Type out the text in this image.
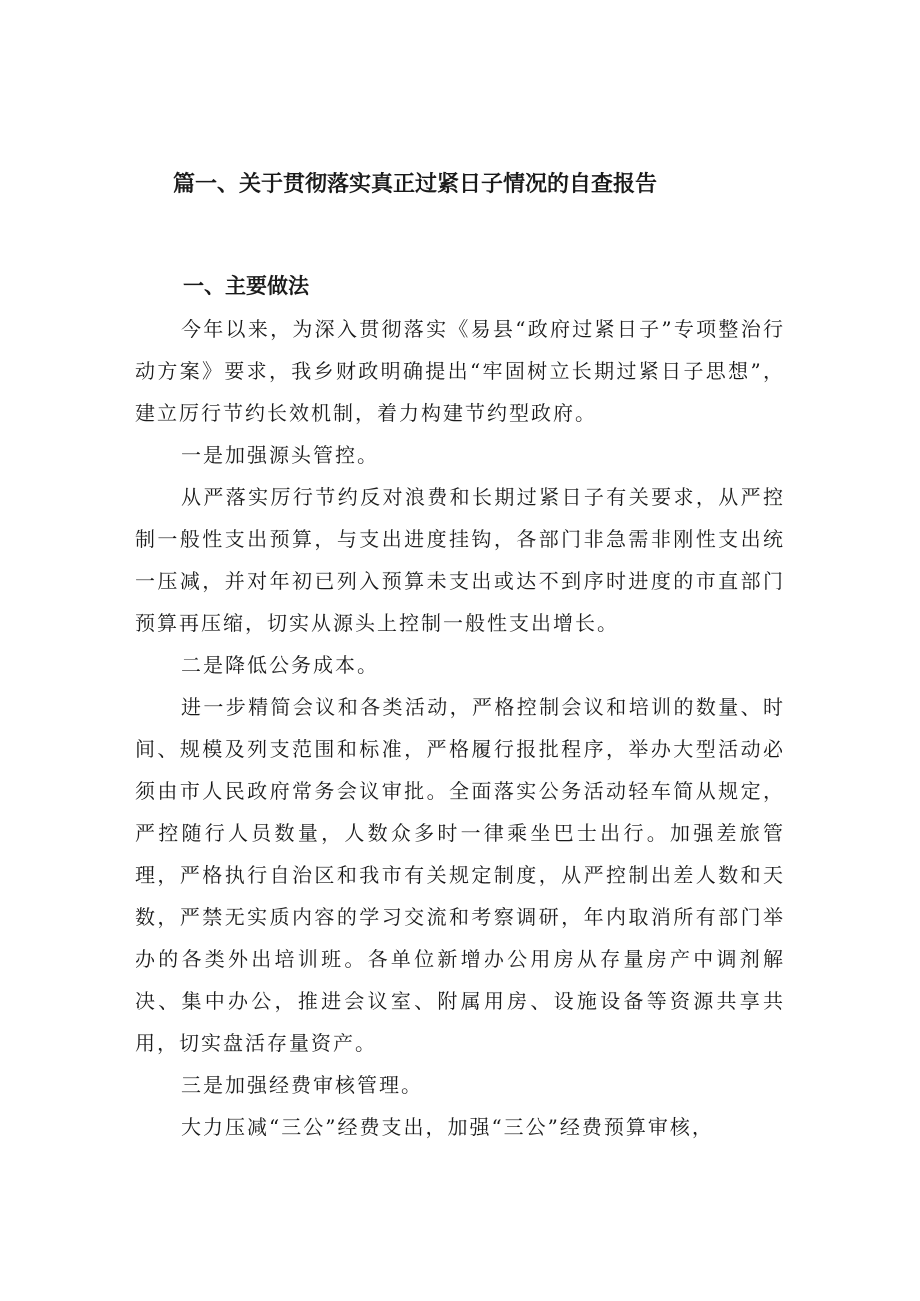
篇一、关于贯彻落实真正过紧日子情况的自查报告
一、主要做法

今年以来，为深入贯彻落实《易县“政府过紧日子”专项整治行动方案》要求，我乡财政明确提出“牢固树立长期过紧日子思想”，建立厉行节约长效机制，着力构建节约型政府。

一是加强源头管控。

从严落实厉行节约反对浪费和长期过紧日子有关要求，从严控制一般性支出预算，与支出进度挂钩，各部门非急需非刚性支出统一压减，并对年初已列入预算未支出或达不到序时进度的市直部门预算再压缩，切实从源头上控制一般性支出增长。

二是降低公务成本。

进一步精简会议和各类活动，严格控制会议和培训的数量、时间、规模及列支范围和标准，严格履行报批程序，举办大型活动必须由市人民政府常务会议审批。全面落实公务活动轻车简从规定，严控随行人员数量，人数众多时一律乘坐巴士出行。加强差旅管理，严格执行自治区和我市有关规定制度，从严控制出差人数和天数，严禁无实质内容的学习交流和考察调研，年内取消所有部门举办的各类外出培训班。各单位新增办公用房从存量房产中调剂解决、集中办公，推进会议室、附属用房、设施设备等资源共享共用，切实盘活存量资产。

三是加强经费审核管理。

大力压减“三公”经费支出，加强“三公”经费预算审核，
